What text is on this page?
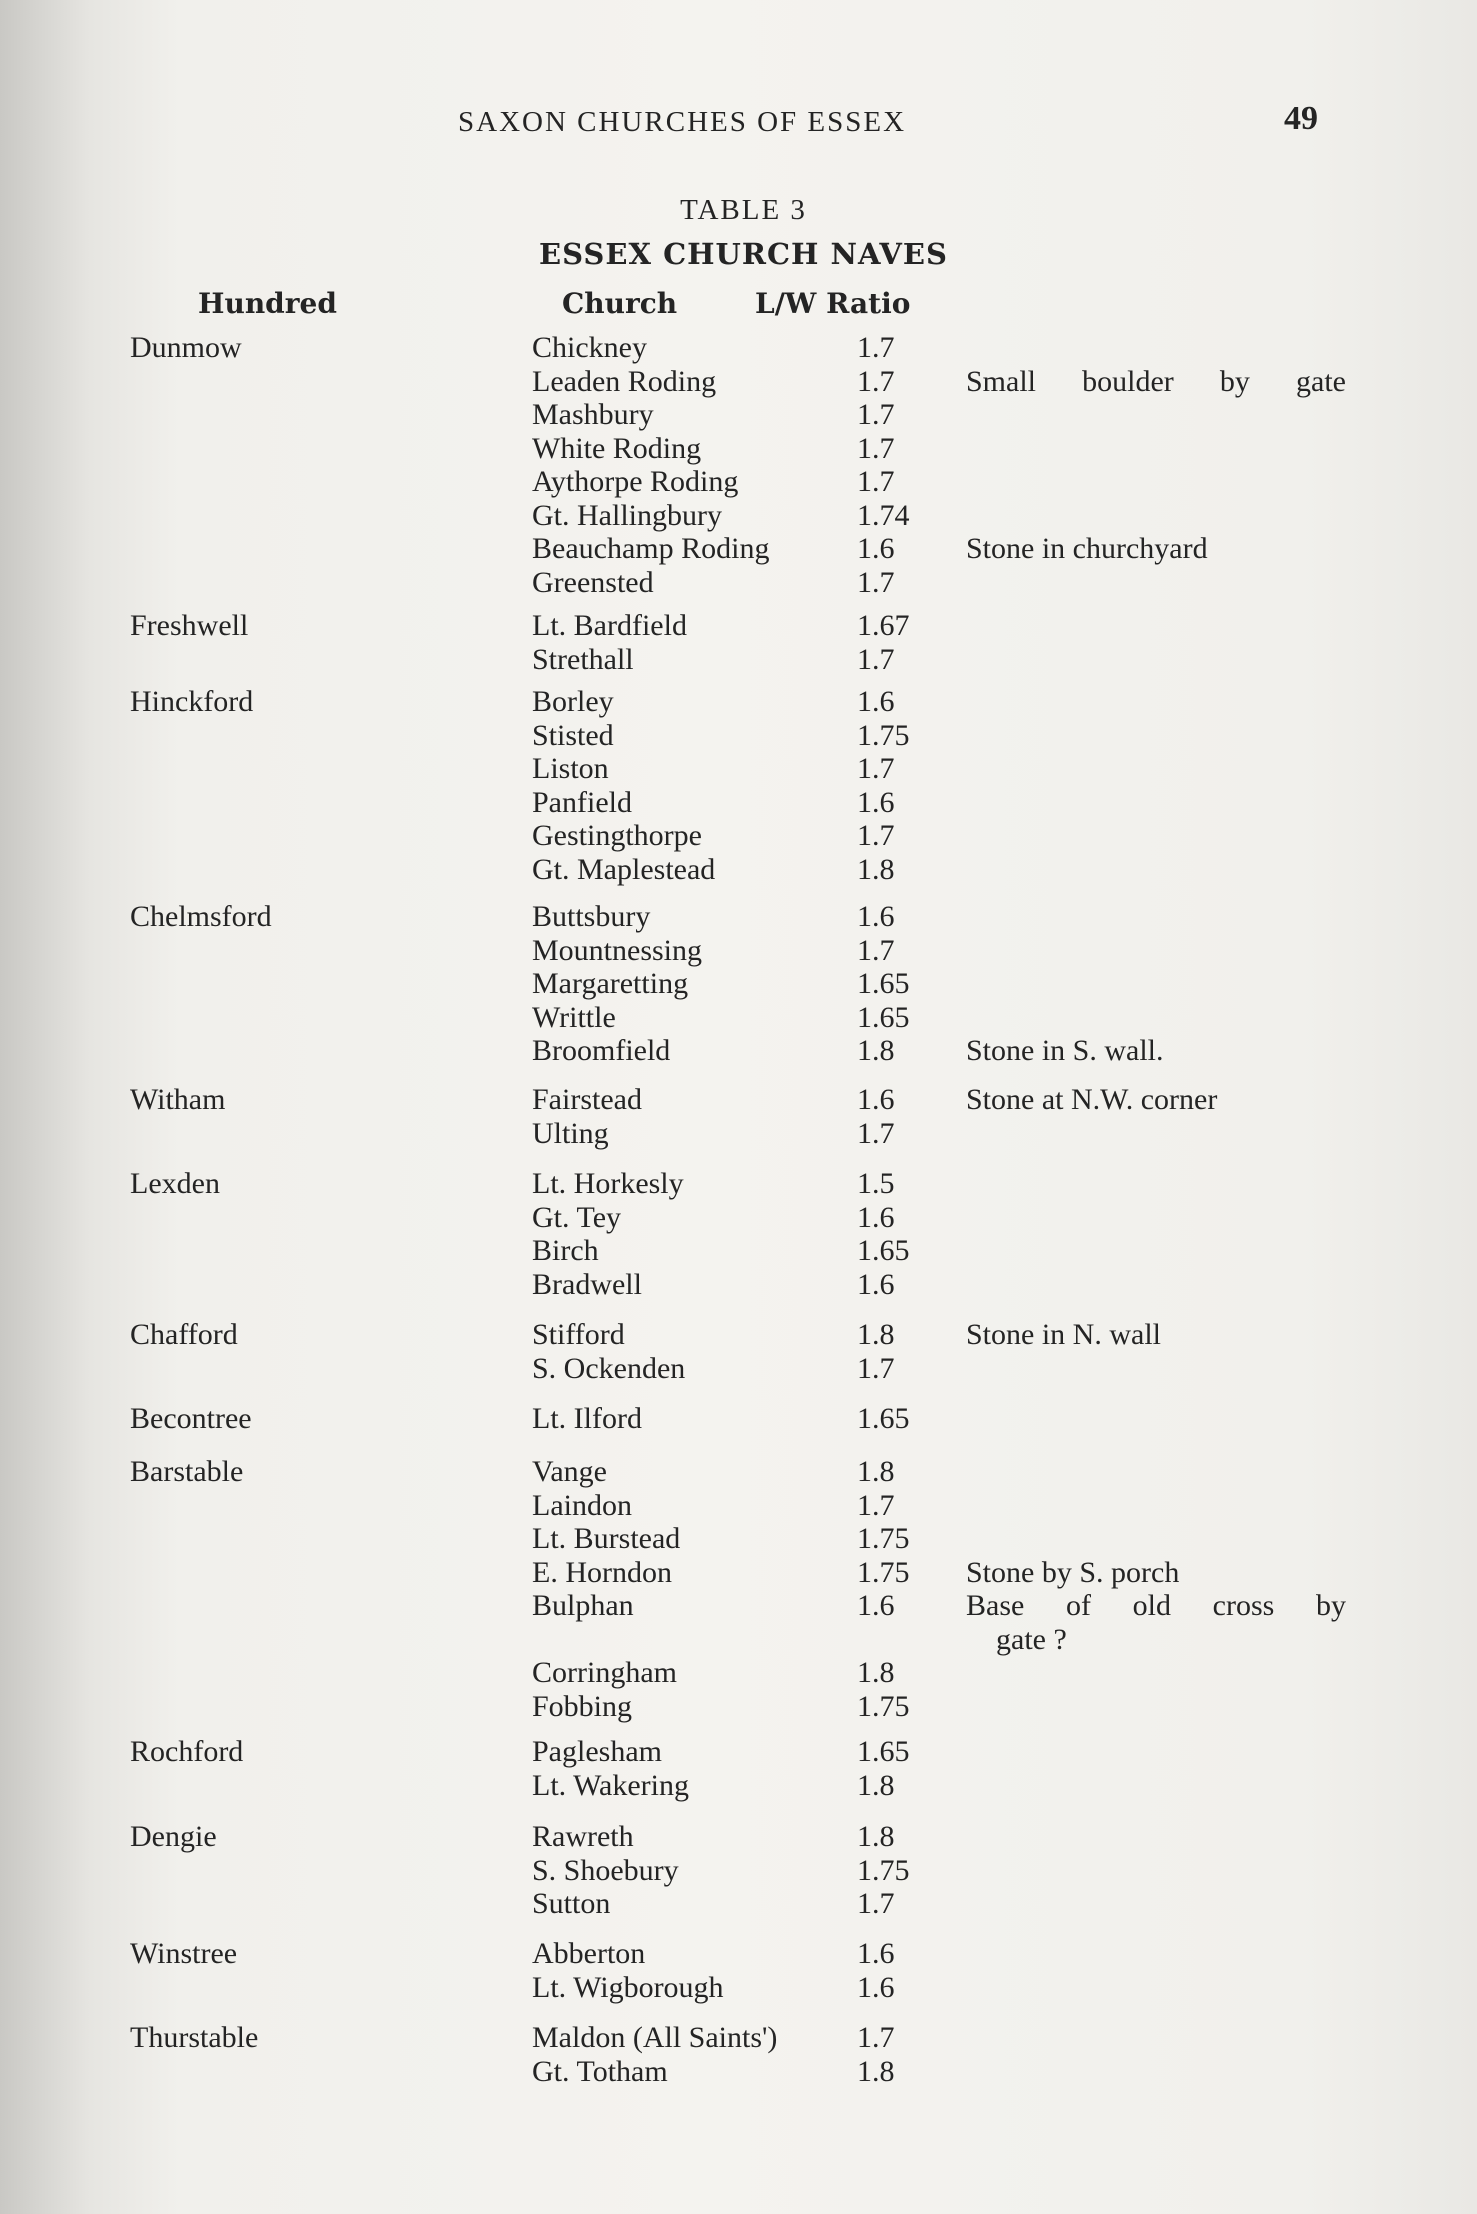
SAXON CHURCHES OF ESSEX	49
TABLE 3
ESSEX CHURCH NAVES
Hundred	Church	L/W Ratio
Dunmow	Chickney	1.7
Leaden Roding	1.7 Small boulder by gate
Mashbury	1.7
White Roding	1.7
Aythorpe Roding	1.7
Gt. Hallingbury	1.74
Beauchamp Roding	1.6 Stone in churchyard
Greensted	1.7
Freshwell	Lt. Bardfield	1.67
Strethall	1.7
Hinckford	Borley	1.6
Stisted	1.75
Liston	1.7
Panfield	1.6
Gestingthorpe	1.7
Gt. Maplestead	1.8
Chelmsford	Buttsbury	1.6
Mountnessing	1.7
Margaretting	1.65
Writtle	1.65
Broomfield	1.8 Stone in S. wall.
Witham	Fairstead	1.6 Stone at N.W. corner
Ulting	1.7
Lexden	Lt. Horkesly	1.5
Gt. Tey	1.6
Birch	1.65
Bradwell	1.6
Chafford	Stifford	1.8 Stone in N. wall
S. Ockenden	1.7
Becontree	Lt. Ilford	1.65
Barstable	Vange	1.8
Laindon	1.7
Lt. Burstead	1.75
E. Horndon	1.75 Stone by S. porch
Bulphan	1.6 Base of old cross by
gate ?
Corringham	1.8
Fobbing	1.75
Rochford	Paglesham	1.65
Lt. Wakering	1.8
Dengie	Rawreth	1.8
S. Shoebury	1.75
Sutton	1.7
Winstree	Abberton	1.6
Lt. Wigborough	1.6
Thurstable	Maldon (All Saints')	1.7
Gt. Totham	1.8
